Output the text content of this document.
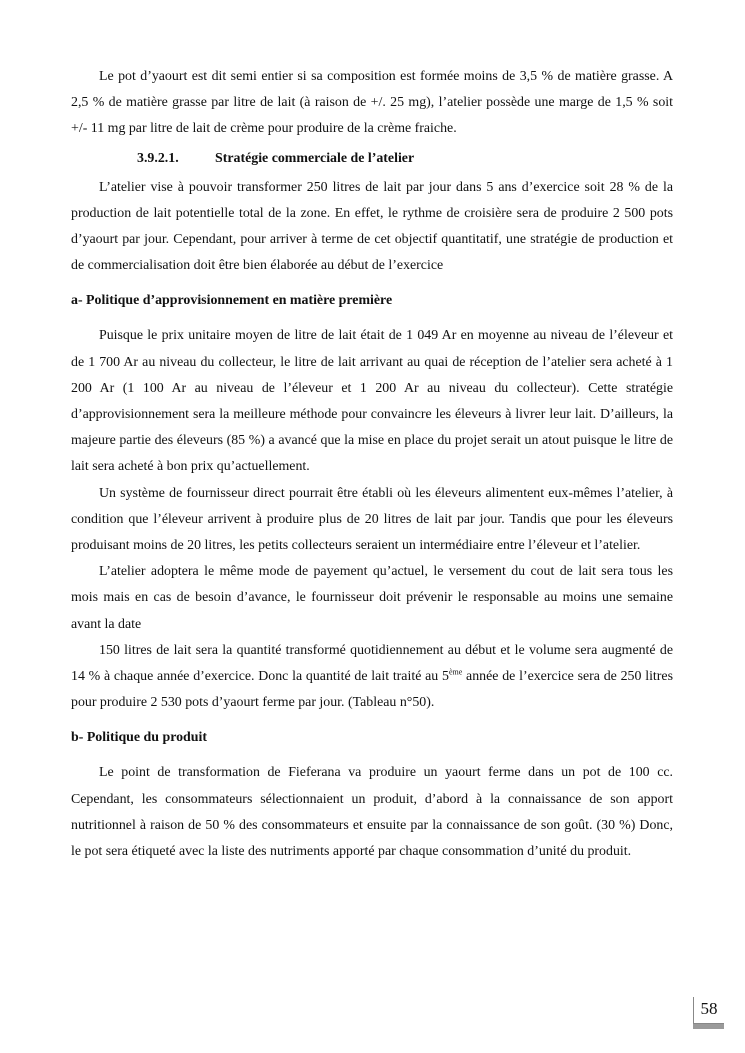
Le pot d’yaourt est dit semi entier si sa composition est formée moins de 3,5 % de matière grasse. A 2,5 % de matière grasse par litre de lait (à raison de +/. 25 mg), l’atelier possède une marge de 1,5 % soit +/- 11 mg par litre de lait de crème pour produire de la crème fraiche.

3.9.2.1.	Stratégie commerciale de l’atelier

L’atelier vise à pouvoir transformer 250 litres de lait par jour dans 5 ans d’exercice soit 28 % de la production de lait potentielle total de la zone. En effet, le rythme de croisière sera de produire 2 500 pots d’yaourt par jour. Cependant, pour arriver à terme de cet objectif quantitatif, une stratégie de production et de commercialisation doit être bien élaborée au début de l’exercice

a- Politique d’approvisionnement en matière première

Puisque le prix unitaire moyen de litre de lait était de 1 049 Ar en moyenne au niveau de l’éleveur et de 1 700 Ar au niveau du collecteur, le litre de lait arrivant au quai de réception de l’atelier sera acheté à 1 200 Ar (1 100 Ar au niveau de l’éleveur et 1 200 Ar au niveau du collecteur). Cette stratégie d’approvisionnement sera la meilleure méthode pour convaincre les éleveurs à livrer leur lait. D’ailleurs, la majeure partie des éleveurs (85 %) a avancé que la mise en place du projet serait un atout puisque le litre de lait sera acheté à bon prix qu’actuellement.

Un système de fournisseur direct pourrait être établi où les éleveurs alimentent eux-mêmes l’atelier, à condition que l’éleveur arrivent à produire plus de 20 litres de lait par jour. Tandis que pour les éleveurs produisant moins de 20 litres, les petits collecteurs seraient un intermédiaire entre l’éleveur et l’atelier.

L’atelier adoptera le même mode de payement qu’actuel, le versement du cout de lait sera tous les mois mais en cas de besoin d’avance, le fournisseur doit prévenir le responsable au moins une semaine avant la date

150 litres de lait sera la quantité transformé quotidiennement au début et le volume sera augmenté de 14 % à chaque année d’exercice. Donc la quantité de lait traité au 5ème année de l’exercice sera de 250 litres pour produire 2 530 pots d’yaourt ferme par jour. (Tableau n°50).

b- Politique du produit

Le point de transformation de Fieferana va produire un yaourt ferme dans un pot de 100 cc. Cependant, les consommateurs sélectionnaient un produit, d’abord à la connaissance de son apport nutritionnel à raison de 50 % des consommateurs et ensuite par la connaissance de son goût. (30 %) Donc, le pot sera étiqueté avec la liste des nutriments apporté par chaque consommation d’unité du produit.

58
